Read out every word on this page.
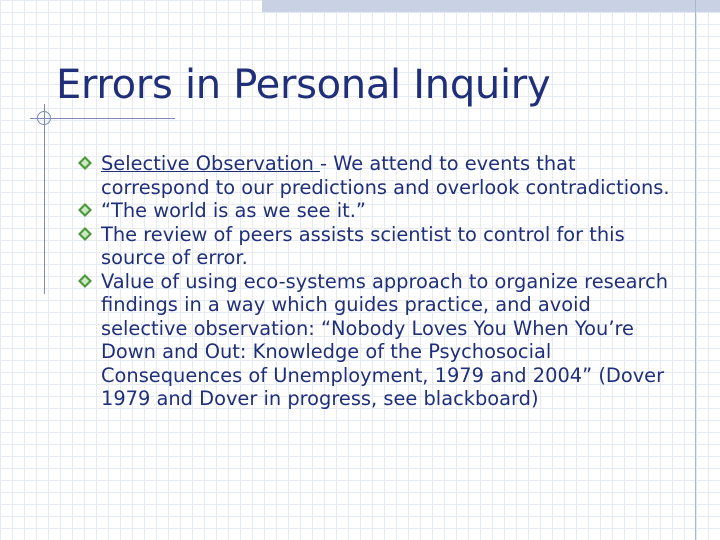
Errors in Personal Inquiry
Selective Observation - We attend to events that correspond to our predictions and overlook contradictions.
“The world is as we see it.”
The review of peers assists scientist to control for this source of error.
Value of using eco-systems approach to organize research findings in a way which guides practice, and avoid selective observation: “Nobody Loves You When You’re Down and Out: Knowledge of the Psychosocial Consequences of Unemployment, 1979 and 2004” (Dover 1979 and Dover in progress, see blackboard)
